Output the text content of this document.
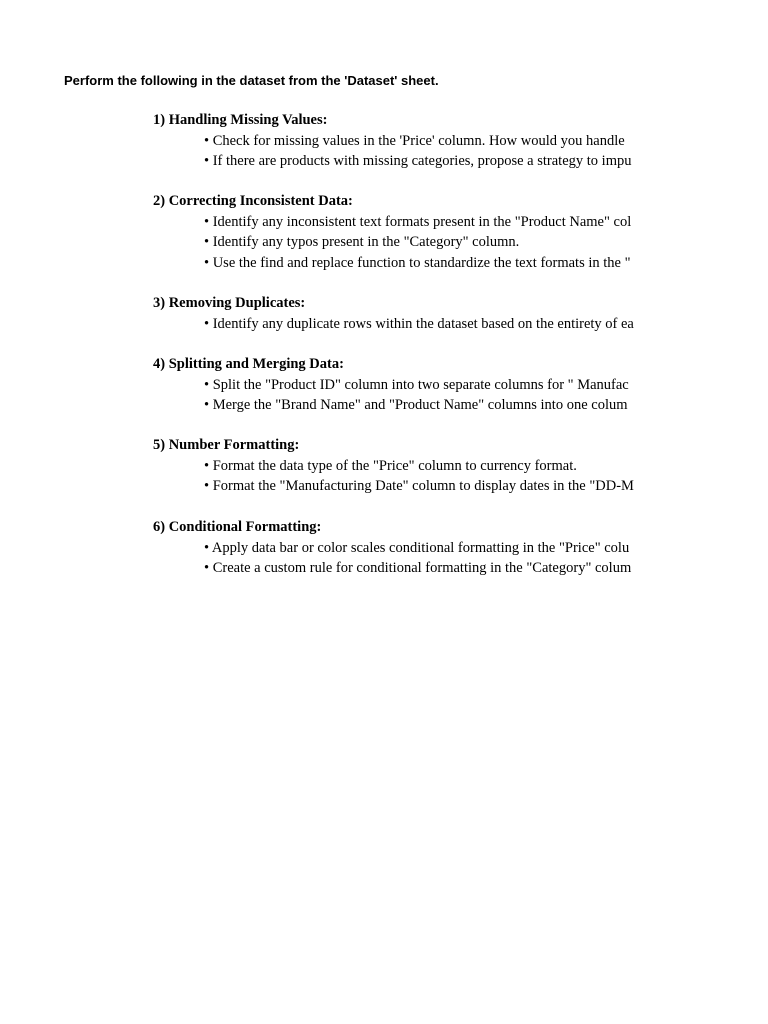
Perform the following in the dataset from the 'Dataset' sheet.

1) Handling Missing Values:

• Check for missing values in the 'Price' column. How would you handle

• If there are products with missing categories, propose a strategy to impu

2) Correcting Inconsistent Data:

• Identify any inconsistent text formats present in the "Product Name" col

• Identify any typos present in the "Category" column.

• Use the find and replace function to standardize the text formats in the "

3) Removing Duplicates:

• Identify any duplicate rows within the dataset based on the entirety of ea

4) Splitting and Merging Data:

• Split the "Product ID" column into two separate columns for " Manufac

• Merge the "Brand Name" and "Product Name" columns into one colum

5) Number Formatting:

• Format the data type of the "Price" column to currency format.

• Format the "Manufacturing Date" column to display dates in the "DD-M

6) Conditional Formatting:

• Apply data bar or color scales conditional formatting in the "Price" colu

• Create a custom rule for conditional formatting in the "Category" colum
